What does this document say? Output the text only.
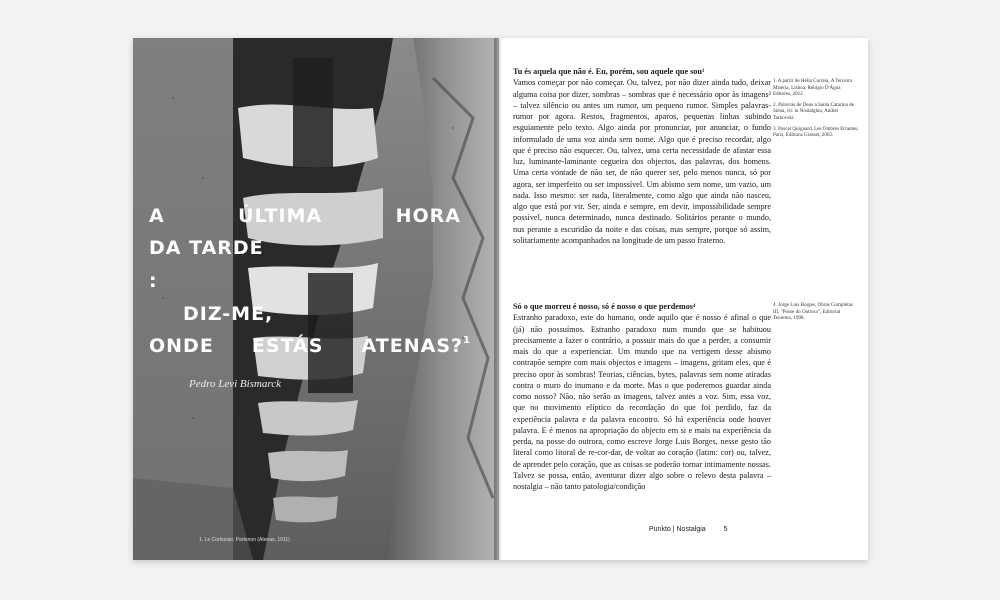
A	ÚLTIMA	HORA
DA TARDE
:
DIZ-ME,
ONDE ESTÁS ATENAS?$^1$
Pedro Levi Bismarck
1. Le Corbusier, Partenon (Atenas, 1911)
Tu és aquela que não é. Eu, porém, sou aquele que sou¹
Vamos começar por não começar. Ou, talvez, por não dizer ainda tudo, deixar alguma coisa por dizer, sombras – sombras que é necessário opor às imagens² – talvez silêncio ou antes um rumor, um pequeno rumor. Simples palavras-rumor por agora. Restos, fragmentos, aparos, pequenas linhas subindo esguiamente pelo texto. Algo ainda por pronunciar, por anunciar, o fundo informulado de uma voz ainda sem nome. Algo que é preciso recordar, algo que é preciso não esquecer. Ou, talvez, uma certa necessidade de afastar essa luz, luminante-laminante cegueira dos objectos, das palavras, dos homens. Uma certa vontade de não ser, de não querer ser, pelo menos nunca, só por agora, ser imperfeito ou ser impossível. Um abismo sem nome, um vazio, um nada. Isso mesmo: ser nada, literalmente, como algo que ainda não nasceu, algo que está por vir. Ser, ainda e sempre, em devir, impossibilidade sempre possível, nunca determinado, nunca destinado. Solitários perante o mundo, nus perante a escuridão da noite e das coisas, mas sempre, porque só assim, solitariamente acompanhados na longitude de um passo fraterno.
1. A partir de Hélia Correia, A Terceira Miséria, Lisboa, Relógio D'Água Editores, 2012.
2. Palavras de Deus a Santa Catarina de Siena, cit. in Nostalghia, Andrei Tarkovski.
3. Pascal Quignard, Les Ombres Errantes, Paris, Éditions Grasset, 2002.
Só o que morreu é nosso, só é nosso o que perdemos⁴
Estranho paradoxo, este do humano, onde aquilo que é nosso é afinal o que (já) não possuímos. Estranho paradoxo num mundo que se habituou precisamente a fazer o contrário, a possuir mais do que a perder, a consumir mais do que a experienciar. Um mundo que na vertigem desse abismo contrapõe sempre com mais objectos e imagens – imagens, gritam eles, que é preciso opor às sombras! Teorias, ciências, bytes, palavras sem nome atiradas contra o muro do inumano e da morte. Mas o que poderemos guardar ainda como nosso? Não, não serão as imagens, talvez antes a voz. Sim, essa voz, que no movimento elíptico da recordação do que foi perdido, faz da experiência palavra e da palavra encontro. Só há experiência onde houver palavra. E é menos na apropriação do objecto em si e mais na experiência da perda, na posse do outrora, como escreve Jorge Luis Borges, nesse gesto tão literal como litoral de re-cor-dar, de voltar ao coração (latim: cor) ou, talvez, de aprender pelo coração, que as coisas se poderão tornar intimamente nossas. Talvez se possa, então, aventurar dizer algo sobre o relevo desta palavra – nostalgia – não tanto patologia/condição
4. Jorge Luis Borges, Obras Completas III, "Posse do Outrora", Editorial Teorema, 1998.
Punkto | Nostalgia	5
